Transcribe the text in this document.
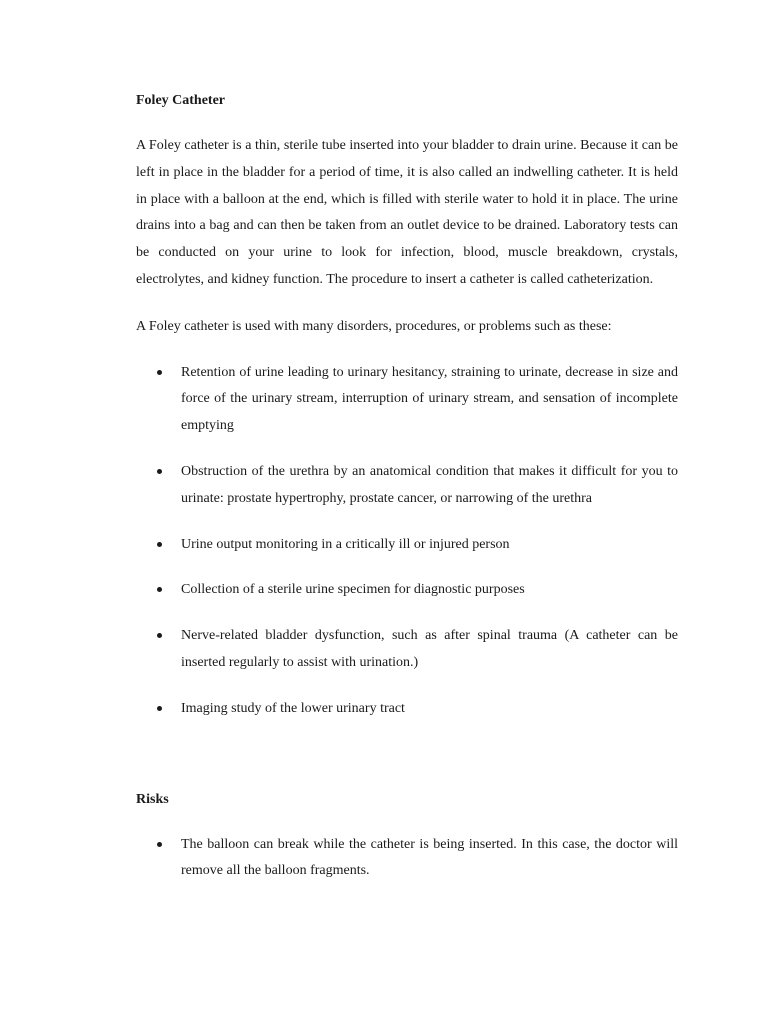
Foley Catheter

A Foley catheter is a thin, sterile tube inserted into your bladder to drain urine. Because it can be left in place in the bladder for a period of time, it is also called an indwelling catheter. It is held in place with a balloon at the end, which is filled with sterile water to hold it in place. The urine drains into a bag and can then be taken from an outlet device to be drained. Laboratory tests can be conducted on your urine to look for infection, blood, muscle breakdown, crystals, electrolytes, and kidney function. The procedure to insert a catheter is called catheterization.

A Foley catheter is used with many disorders, procedures, or problems such as these:

Retention of urine leading to urinary hesitancy, straining to urinate, decrease in size and force of the urinary stream, interruption of urinary stream, and sensation of incomplete emptying
Obstruction of the urethra by an anatomical condition that makes it difficult for you to urinate: prostate hypertrophy, prostate cancer, or narrowing of the urethra
Urine output monitoring in a critically ill or injured person
Collection of a sterile urine specimen for diagnostic purposes
Nerve-related bladder dysfunction, such as after spinal trauma (A catheter can be inserted regularly to assist with urination.)
Imaging study of the lower urinary tract
Risks
The balloon can break while the catheter is being inserted. In this case, the doctor will remove all the balloon fragments.
